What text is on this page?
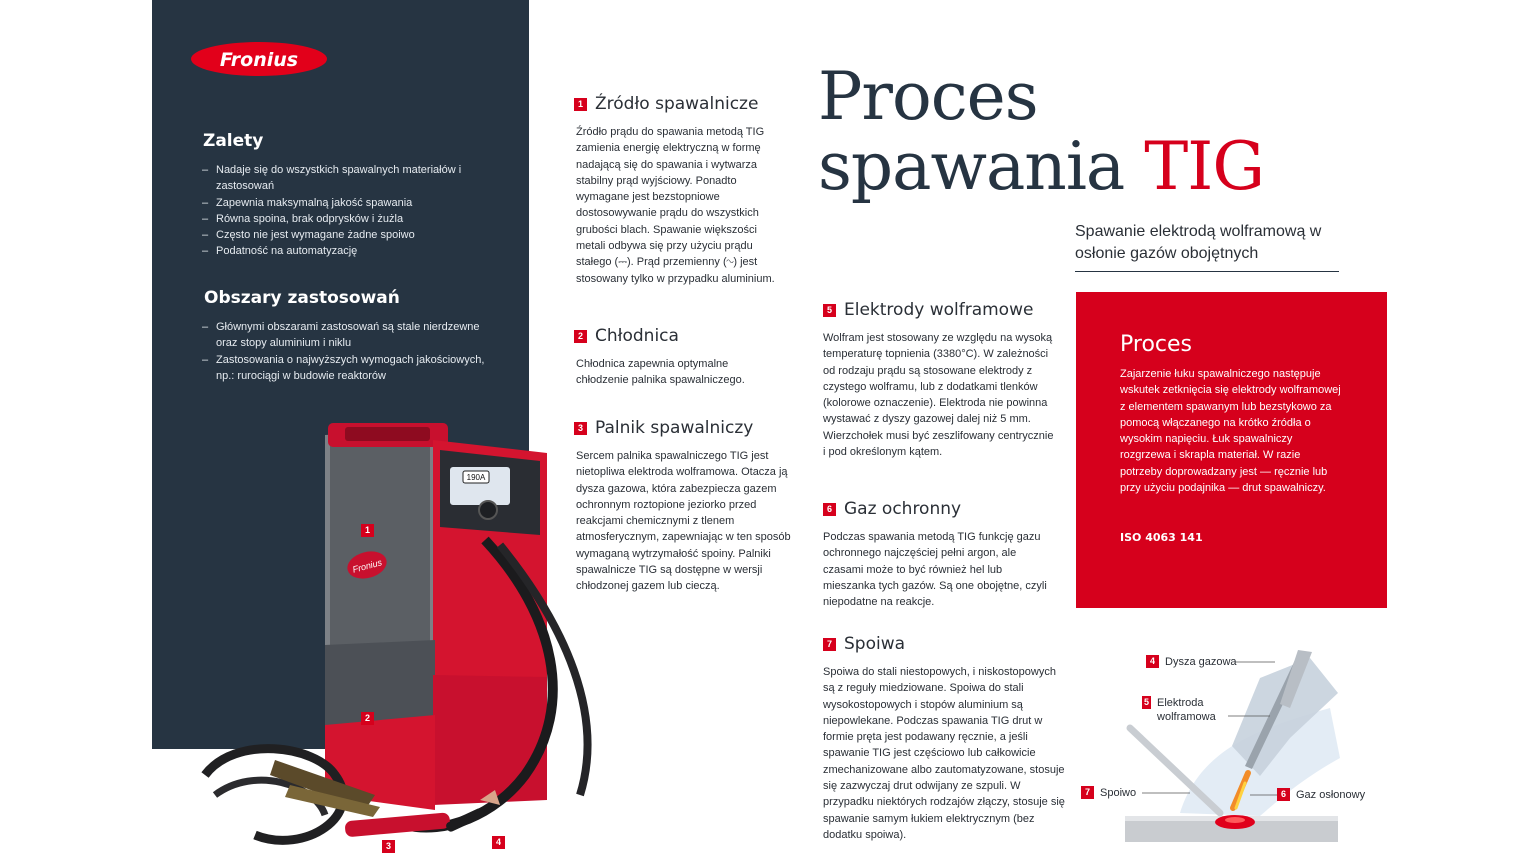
Fronius
Zalety
– Nadaje się do wszystkich spawalnych materiałów i zastosowań
– Zapewnia maksymalną jakość spawania
– Równa spoina, brak odprysków i żużla
– Często nie jest wymagane żadne spoiwo
– Podatność na automatyzację
Obszary zastosowań
– Głównymi obszarami zastosowań są stale nierdzewne oraz stopy aluminium i niklu
– Zastosowania o najwyższych wymogach jakościowych, np.: rurociągi w budowie reaktorów
190A
Fronius
1
2
3	4
1 Źródło spawalnicze

Źródło prądu do spawania metodą TIG zamienia energię elektryczną w formę nadającą się do spawania i wytwarza stabilny prąd wyjściowy. Ponadto wymagane jest bezstopniowe dostosowywanie prądu do wszystkich grubości blach. Spawanie większości metali odbywa się przy użyciu prądu stałego (⎓). Prąd przemienny (∿) jest stosowany tylko w przypadku aluminium.

2 Chłodnica

Chłodnica zapewnia optymalne chłodzenie palnika spawalniczego.

3 Palnik spawalniczy

Sercem palnika spawalniczego TIG jest nietopliwa elektroda wolframowa. Otacza ją dysza gazowa, która zabezpiecza gazem ochronnym roztopione jeziorko przed reakcjami chemicznymi z tlenem atmosferycznym, zapewniając w ten sposób wymaganą wytrzymałość spoiny. Palniki spawalnicze TIG są dostępne w wersji chłodzonej gazem lub cieczą.

Proces
spawania TIG
Spawanie elektrodą wolframową w osłonie gazów obojętnych
5 Elektrody wolframowe

Wolfram jest stosowany ze względu na wysoką temperaturę topnienia (3380°C). W zależności od rodzaju prądu są stosowane elektrody z czystego wolframu, lub z dodatkami tlenków (kolorowe oznaczenie). Elektroda nie powinna wystawać z dyszy gazowej dalej niż 5 mm. Wierzchołek musi być zeszlifowany centrycznie i pod określonym kątem.

6 Gaz ochronny

Podczas spawania metodą TIG funkcję gazu ochronnego najczęściej pełni argon, ale czasami może to być również hel lub mieszanka tych gazów. Są one obojętne, czyli niepodatne na reakcje.

7 Spoiwa

Spoiwa do stali niestopowych, i niskostopowych są z reguły miedziowane. Spoiwa do stali wysokostopowych i stopów aluminium są niepowlekane. Podczas spawania TIG drut w formie pręta jest podawany ręcznie, a jeśli spawanie TIG jest częściowo lub całkowicie zmechanizowane albo zautomatyzowane, stosuje się zazwyczaj drut odwijany ze szpuli. W przypadku niektórych rodzajów złączy, stosuje się spawanie samym łukiem elektrycznym (bez dodatku spoiwa).

Proces
Zajarzenie łuku spawalniczego następuje wskutek zetknięcia się elektrody wolframowej z elementem spawanym lub bezstykowo za pomocą włączanego na krótko źródła o wysokim napięciu. Łuk spawalniczy rozgrzewa i skrapla materiał. W razie potrzeby doprowadzany jest — ręcznie lub przy użyciu podajnika — drut spawalniczy.
ISO 4063 141
4 Dysza gazowa
5 Elektroda wolframowa
7 Spoiwo	6 Gaz osłonowy
